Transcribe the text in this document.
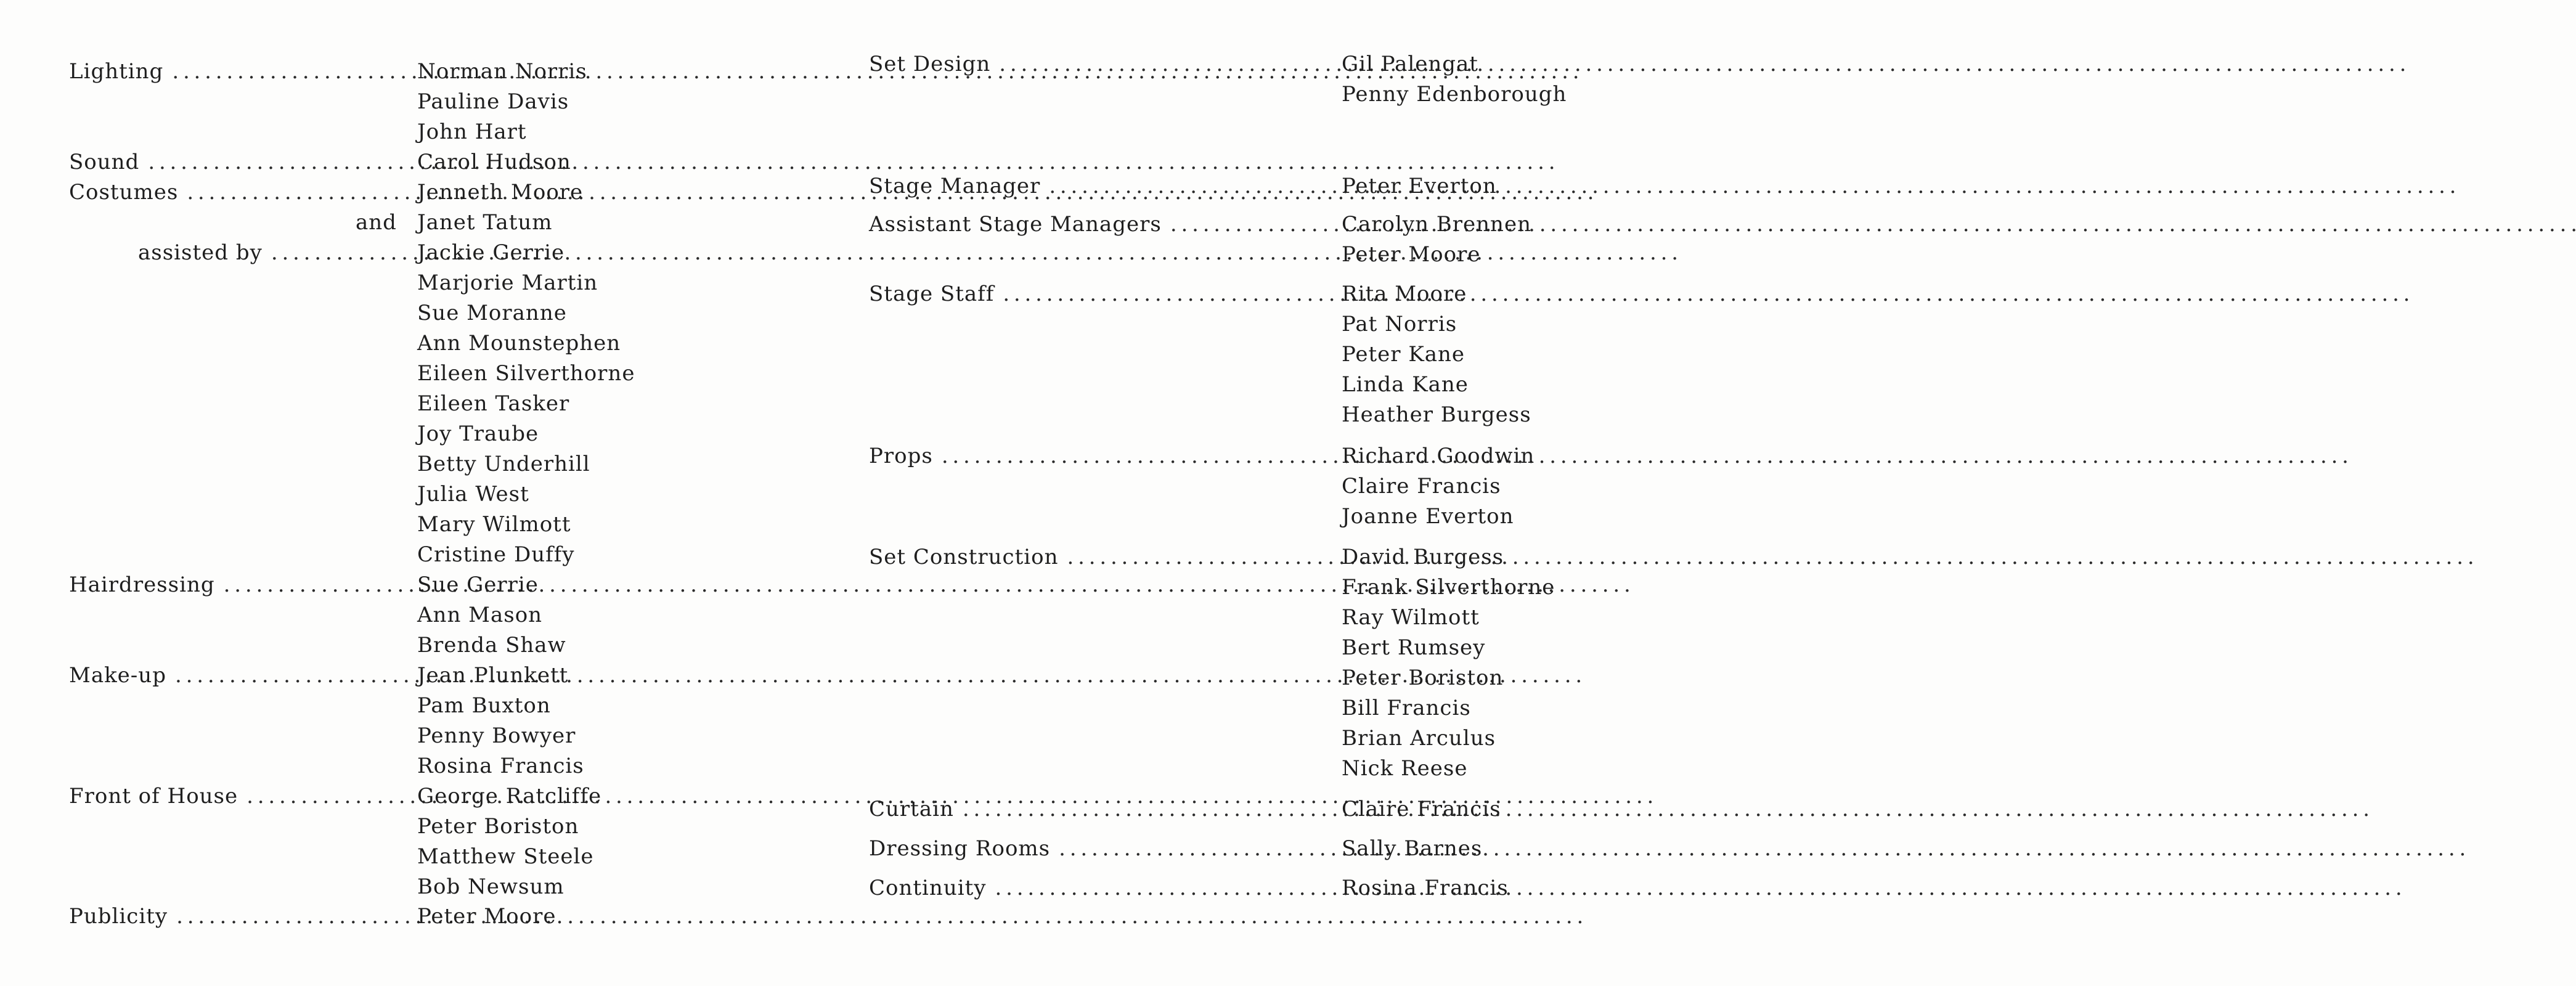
Lighting . . .	Norman Norris
Pauline Davis
John Hart
Sound . . .	Carol Hudson
Costumes . . .	Jenneth Moore
and Janet Tatum
assisted by . . .	Jackie Gerrie
Marjorie Martin
Sue Moranne
Ann Mounstephen
Eileen Silverthorne
Eileen Tasker
Joy Traube
Betty Underhill
Julia West
Mary Wilmott
Cristine Duffy
Hairdressing . . .	Sue Gerrie
Ann Mason
Brenda Shaw
Make-up . . .	Jean Plunkett
Pam Buxton
Penny Bowyer
Rosina Francis
Front of House . . .	George Ratcliffe
Peter Boriston
Matthew Steele
Bob Newsum
Publicity . . .	Peter Moore
Set Design . . .	Gil Palengat
Penny Edenborough
Stage Manager . . .	Peter Everton
Assistant Stage Managers . . .	Carolyn Brennen
Peter Moore
Stage Staff . . .	Rita Moore
Pat Norris
Peter Kane
Linda Kane
Heather Burgess
Props . . .	Richard Goodwin
Claire Francis
Joanne Everton
Set Construction . . .	David Burgess
Frank Silverthorne
Ray Wilmott
Bert Rumsey
Peter Boriston
Bill Francis
Brian Arculus
Nick Reese
Curtain . . .	Claire Francis
Dressing Rooms . . .	Sally Barnes
Continuity . . .	Rosina Francis
